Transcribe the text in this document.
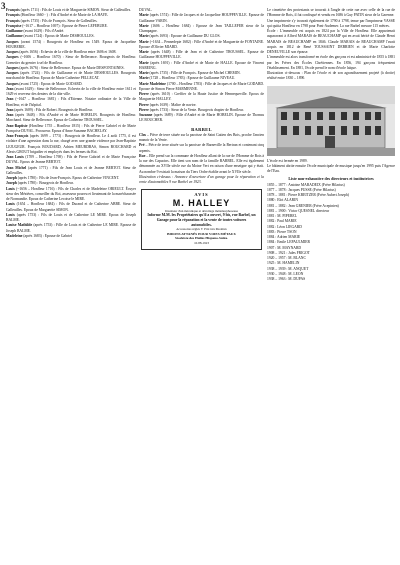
3 François (après 1711) : Fils de Louis et de Marguerite SIMON. Sieur de Galleuilles.

François (Honfleur 1660 - ) : Fils d'André et de Marie de LA HAYE.

François (après 1735) : Fils de François. Sieur de Galleuilles.

Françoise (~1617 – Honfleur 1697) : Epouse de Pierre LEFEBURE.

Guillaume (avant 1629) : Fils d'André.

Guillaume (avant 1724) : Epoux de Marie DESHOULLES.

Jacques (avant 1574) : Bourgeois de Honfleur en 1549. Epoux de Jacqueline HOUBERIE.

Jacques (après 1656) : Echevin de la ville de Honfleur entre 1606 et 1608.

Jacques (~1606 – Honfleur 1670) : Sieur de Belleronce. Bourgeois de Honfleur. Grenetier du grenier à sel de Honfleur.

Jacques (après 1676) : Sieur de Belleronce. Epoux de Marie DESFONTAINES.

Jacques (après 1724) : Fils de Guillaume et de Marie DESHOULLES. Bourgeois marchand de Honfleur. Epoux de Marie Catherine PELLECAT.

Jacques (avant 1725) : Epoux de Marie GODARD.

Jean (avant 1629) : Sieur de Belleronce. Echevin de la ville de Honfleur entre 1611 et 1629 et receveur des deniers de la dite ville.

Jean (~1647 – Honfleur 1681) : Fils d'Etienne. Notaire ordinaire de la Ville de Honfleur, et de l'hôpital.

Jean (après 1609) : Fils de Robert. Bourgeois de Honfleur.

Jean (après 1648) : Fils d'André et de Marie HOBELIN. Bourgeois de Honfleur. Marchand. Sieur de Belleronce. Epoux de Catherine TROUSSEL.

Jean-Baptiste (Honfleur 1755 – Honfleur 1815) : Fils de Pierre Gabriel et de Marie Françoise DUVAL. Procureur. Epoux d'Anne Suzanne BACHELAY.

Jean-François (après 1699 – 1773) : Bourgeois de Honfleur. Le 4 août 1775, il est violaire d'une agression dans la rue, chargé avec une grande violence par Jean-Baptiste LEJUGEUR. François BOUDARD, Adrien MEURDRAS, Simon BOUCHARD et Alexis GROUT brigadier et employés dans les fermes du Roi.

Jean Louis (1709 – Honfleur 1769) : Fils de Pierre Gabriel et de Marie Françoise DUVAL. Epoux de Jeanne BERTOT.

Jean Michel (après 1771) : Fils de Jean Louis et de Jeanne BERTOT. Sieur de Galleuilles.

Joseph (après 1780) : Fils de Jean-François. Epoux de Catherine VINCENT.

Joseph (après 1780) : Bourgeois de Honfleur.

Louis (~1656 – Honfleur 1716) : Fils de Charles et de Madeleine ORIEULT. Écuyer sieur des Mézières, conseiller du Roi, assesseur pourvu et lieutenant de la maréchaussée de Normandie. Epoux de Catherine Lecoise le MIRE.

Louis (1654 – Honfleur 1684) : Fils de Durand et de Catherine ABBE. Sieur de Galleuilles. Epoux de Marguerite SIMON.

Louis (après 1753) : Fils de Louis et de Catherine LE MIRE. Epoux de Joseph BALME.

Louise Mathilde (après 1753) : Fille de Louis et de Catherine LE MIRE. Epouse de Joseph BALME.

Madeleine (après 1683) : Epouse de Gabriel

DUVAL.

Marie (après 1574) : Fille de Jacques et de Jacqueline HOUPPEVILLE. Epouse de Guillaume VARIN.

Marie (1606 – Honfleur 1684) : Epouse de Jean TAILLEFER sieur de la Champagne.

Marie (après 1693) : Epouse de Guillaume DU GLOS.

Marie (~1634 – Pennedepie 1682) : Fille d'André et de Marguerite de FONTAINE. Epouse d'Olivier MIARD.

Marie (après 1648) : Fille de Jean et de Catherine TROUSSEL. Epouse de Guillaume HOUPPEVILLE.

Marie (après 1691) : Fille d'André et de Marie de HALLE. Epouse de Vincent HAREING.

Marie (après 1735) : Fille de François. Epouse de Michel CHEMIN.

Marie (1728 – Honfleur 1783) : Epouse de Guillaume NIVEAU.

Marie Madeleine (1700 – Honfleur 1783) : Fille de Jacques et de Marie GODARD. Epouse de Simon Pierre MARMENNE.

Pierre (après 1610) : Greffier de la Haute Justice de Hennequeville. Epoux de Marguerite HALLEY.

Pierre (après 1639) : Maître de navire.

Pierre (après 1733) : Sieur de la Vente. Bourgeois drapier de Honfleur.

Suzanne (après 1689) : Fille d'André et de Marie HOBELIN. Epouse de Thomas LE BOUCHER.

BARBEL

Clos – Pièce de terre située sur la paroisse de Saint Gatien des Bois, proche l'ancien manoir de la Vente.

Pré – Pièce de terre située sur la paroisse de Barneville la Bertran et contenant cinq arpents.

Rue – Elle prend sur la commune de Honfleur allant de la rue de l'Homme de Bois à la rue des Capucins. Elle tient son nom de la famille BARBEL. Elle est également dénommée au XVIIe siècle rue du Moine Vert en raison d'une enseigne qui y était. Au nombre 9 existait la maison du Tiers Ordre établie avant le XVIIe siècle.

Illustration ci-dessus : Annonce d'ouverture d'un garage pour la réparation et la vente d'automobiles 9 rue Barbel en 1923.

AVIS
M. HALLEY
Inventeur d'un mécanique et dévoilage métamorphoseuse
Informe M.M. les Propriétaires qu'il a ouvert, 9 bis, rue Barbel, un Garage pour la réparation et la vente de toutes voitures automobiles.
Accessoires réglés ✦ Prix très Modérés
BIDONS ATTANÉS POUR VOIES MÉTAUX
Stockiste des Huiles Hispano-Suiza.
10-88-1923

Le cimetière des protestants se trouvait à l'angle de cette rue avec celle de la rue de l'Homme de Bois, il fut confisqué et vendu en 1686 à Guy PATIN sieur de la Garenne.

Une imprimerie s'y trouvait également de 1790 à 1798, tenue par l'imprimeur VASSE qui quitta Honfleur en 1798 pour Pont-Audemer. La rue Barbel mesure 115 mètres.

École : L'immeuble est acquis en 1824 par la Ville de Honfleur. Elle appartenait auparavant à Alfred MARAIS de BEAUCHAMP qui en avait hérité de Claude Henri MARAIS de BEAUCHAMP en 1846. Claude MARAIS de BEAUCHAMP l'avait acquis en 1812 de René TOUSSAINT DEBRIEN et de Marie Charlotte DENEUVILLE son épouse.

L'immeuble est alors transformé en école des garçons et est administré de 1855 à 1881 par les Frères des Écoles Chrétiennes. En 1856, 194 garçons fréquentent l'établissement. En 1881, l'école prend le nom d'école laïque.

Illustration ci-dessous : Plan de l'école et de son agrandissement projeté (à droite) réalisé entre 1830 – 1890.

L'école est fermée en 1989.

Le bâtiment abrite ensuite l'école municipale de musique jusqu'en 1995 puis l'Agence de l'Eau.

Liste non-exhaustive des directeurs et institutrices

1855 – 1877 : Antoine MARADEIX (Frère Hilarius)

1877 – 1878 : Jacques PUSSE (Frère Hilarius)

1878 – 1881 : Pierre KREITZER (Frère Aubert Joseph)

1880 : Eloi ALARIN

1881 – 1882 : Jean GRENIER (Frère Acepinien)

1881 – 1900 : Victor QUESNEL directeur

1881 : M. PIPEREL

1882 : Paul MARIE

1882 : Léon LIEGARD

1883 : Pierre TSON

1884 : Adrien MARIE

1884 : Emile LEPAULMIER

1907 : M. MAYNARD

1908 – 1921 : Jules FRIGOT

1920 – 1957 : M. BLANC

1925 : M. HAMELIN

1938 – 1939 : M. ANQUET

1930 – 1948 : M. LEON

1938 – 1963 : M. DUPAS
